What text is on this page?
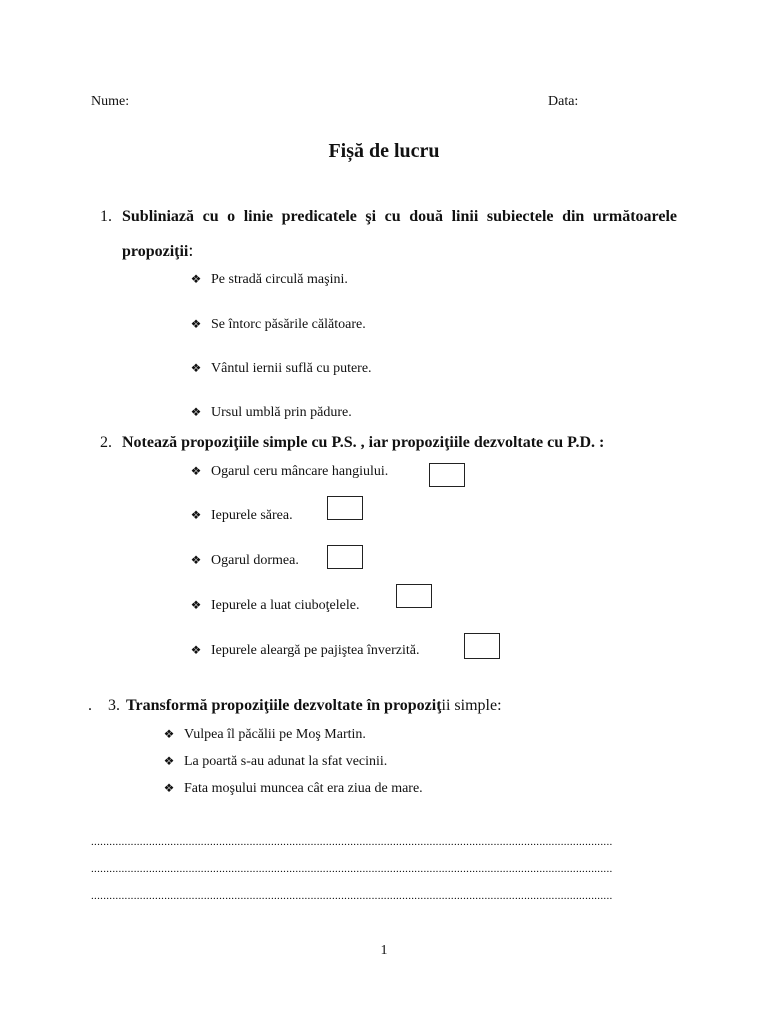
Nume:	Data:
Fișă de lucru
1. Subliniază cu o linie predicatele şi cu două linii subiectele din următoarele
propoziţii:
❖ Pe stradă circulă maşini.
❖ Se întorc păsările călătoare.
❖ Vântul iernii suflă cu putere.
❖ Ursul umblă prin pădure.
2. Notează propoziţiile simple cu P.S. , iar propoziţiile dezvoltate cu P.D. :
❖ Ogarul ceru mâncare hangiului.
❖ Iepurele sărea.
❖ Ogarul dormea.
❖ Iepurele a luat ciuboţelele.
❖ Iepurele aleargă pe pajiştea înverzită.
. 3. Transformă propoziţiile dezvoltate în propoziţii simple:
❖ Vulpea îl păcălii pe Moş Martin.
❖ La poartă s-au adunat la sfat vecinii.
❖ Fata moşului muncea cât era ziua de mare.
...........................................................................................................................................................................
...........................................................................................................................................................................
...........................................................................................................................................................................
1
